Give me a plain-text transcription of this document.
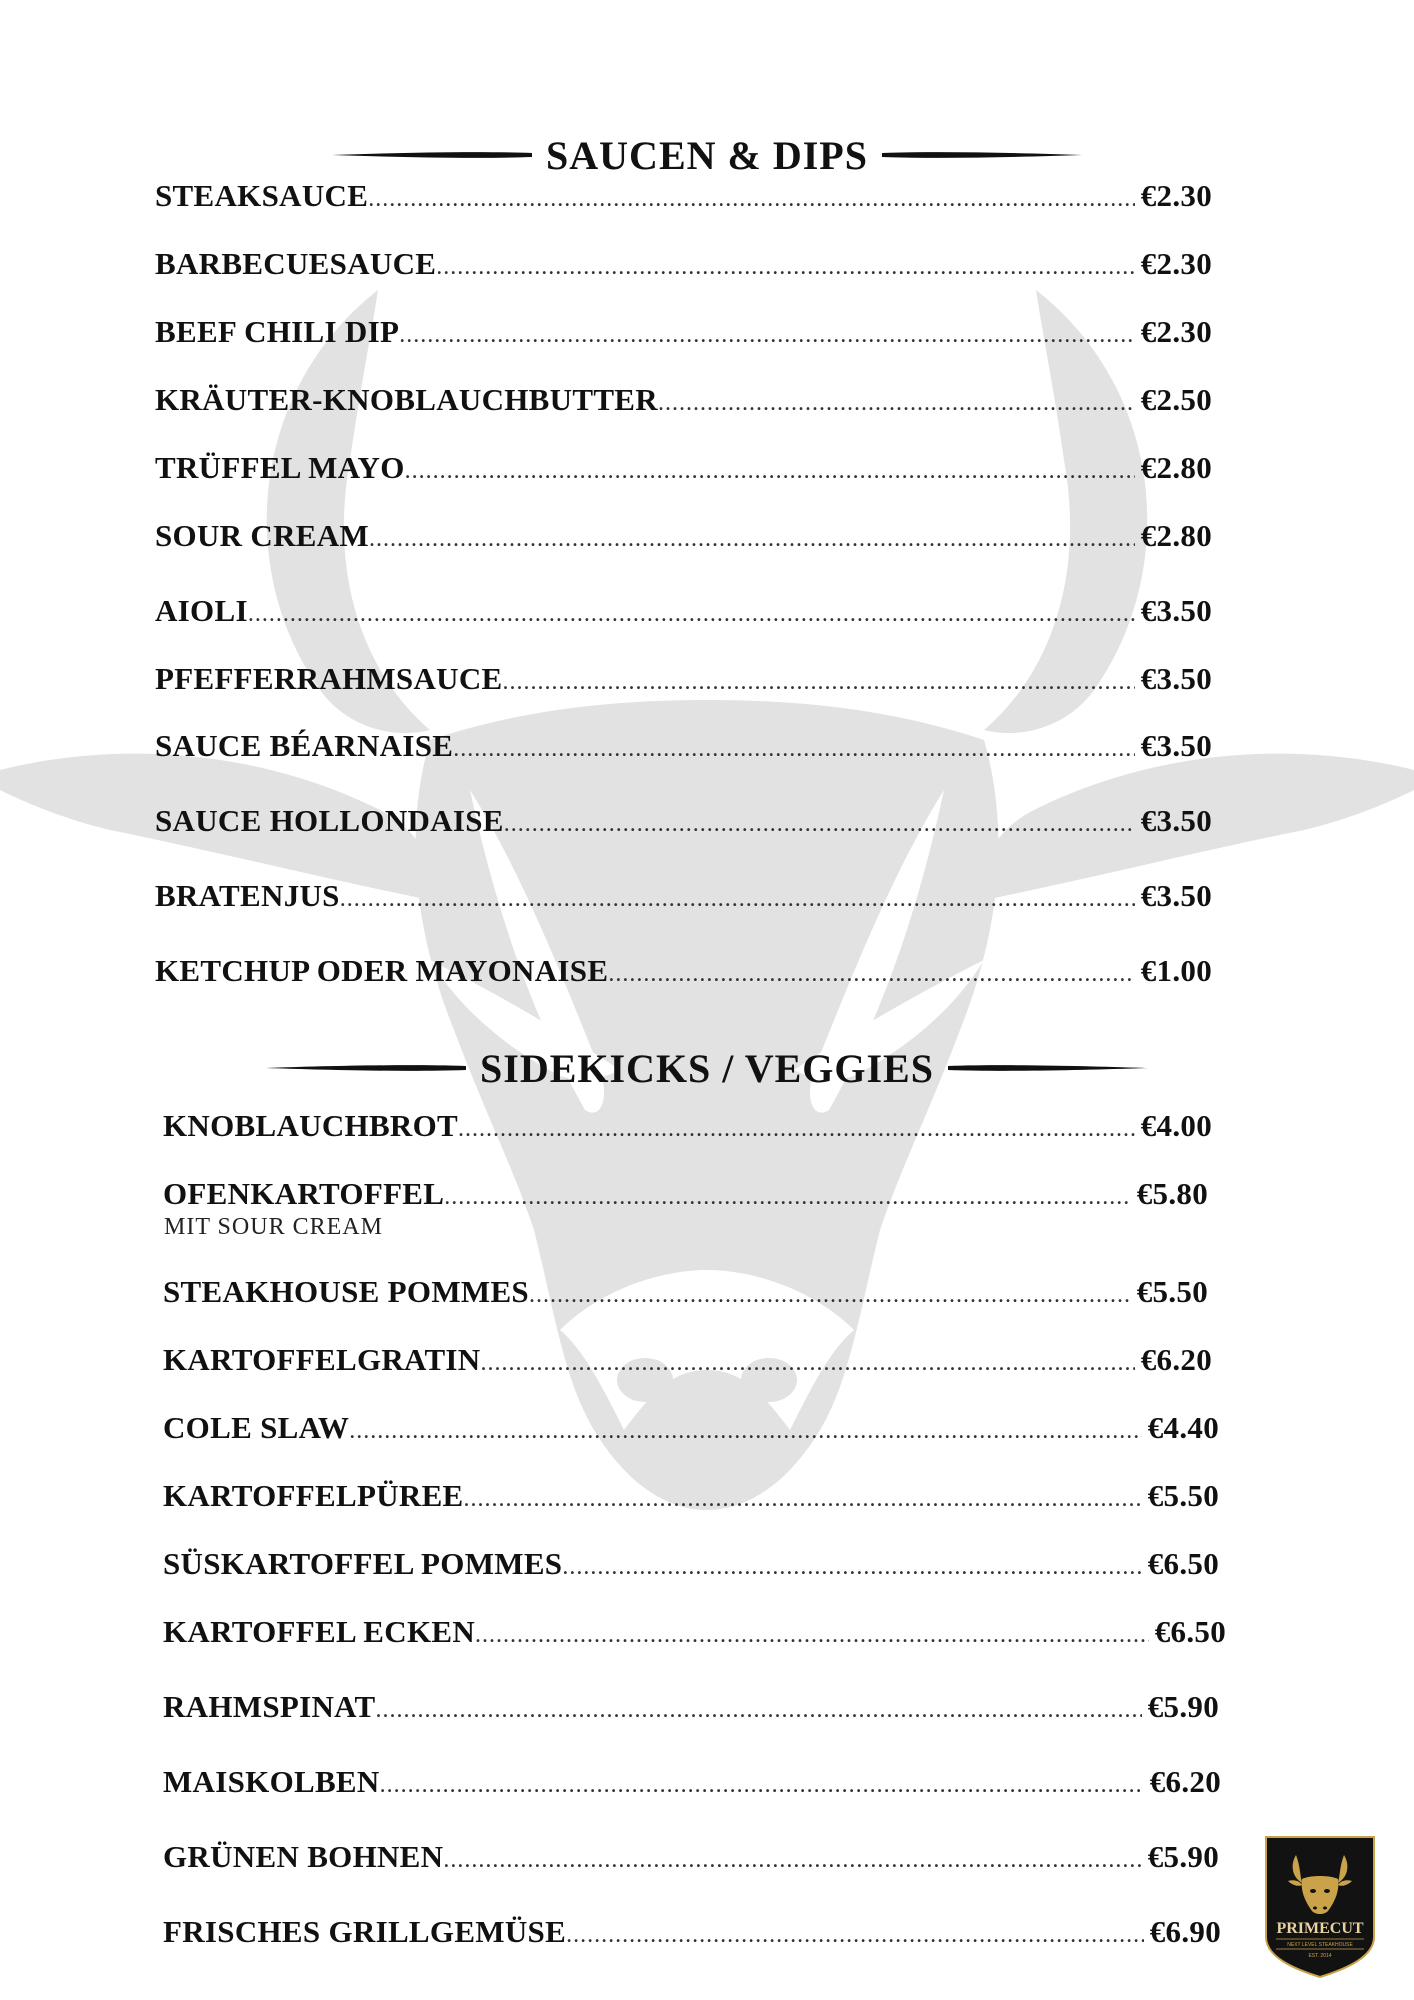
SAUCEN & DIPS
STEAKSAUCE .....	€2.30
BARBECUESAUCE .....	€2.30
BEEF CHILI DIP .....	€2.30
KRÄUTER-KNOBLAUCHBUTTER .....	€2.50
TRÜFFEL MAYO .....	€2.80
SOUR CREAM .....	€2.80
AIOLI .....	€3.50
PFEFFERRAHMSAUCE .....	€3.50
SAUCE BÉARNAISE .....	€3.50
SAUCE HOLLONDAISE .....	€3.50
BRATENJUS .....	€3.50
KETCHUP ODER MAYONAISE .....	€1.00
SIDEKICKS / VEGGIES
KNOBLAUCHBROT .....	€4.00
OFENKARTOFFEL .....	€5.80
MIT SOUR CREAM
STEAKHOUSE POMMES .....	€5.50
KARTOFFELGRATIN .....	€6.20
COLE SLAW .....	€4.40
KARTOFFELPÜREE .....	€5.50
SÜSKARTOFFEL POMMES .....	€6.50
KARTOFFEL ECKEN .....	€6.50
RAHMSPINAT .....	€5.90
MAISKOLBEN .....	€6.20
GRÜNEN BOHNEN .....	€5.90
FRISCHES GRILLGEMÜSE .....	€6.90	PRIMECUT
NEXT LEVEL STEAKHOUSE
EST. 2014
